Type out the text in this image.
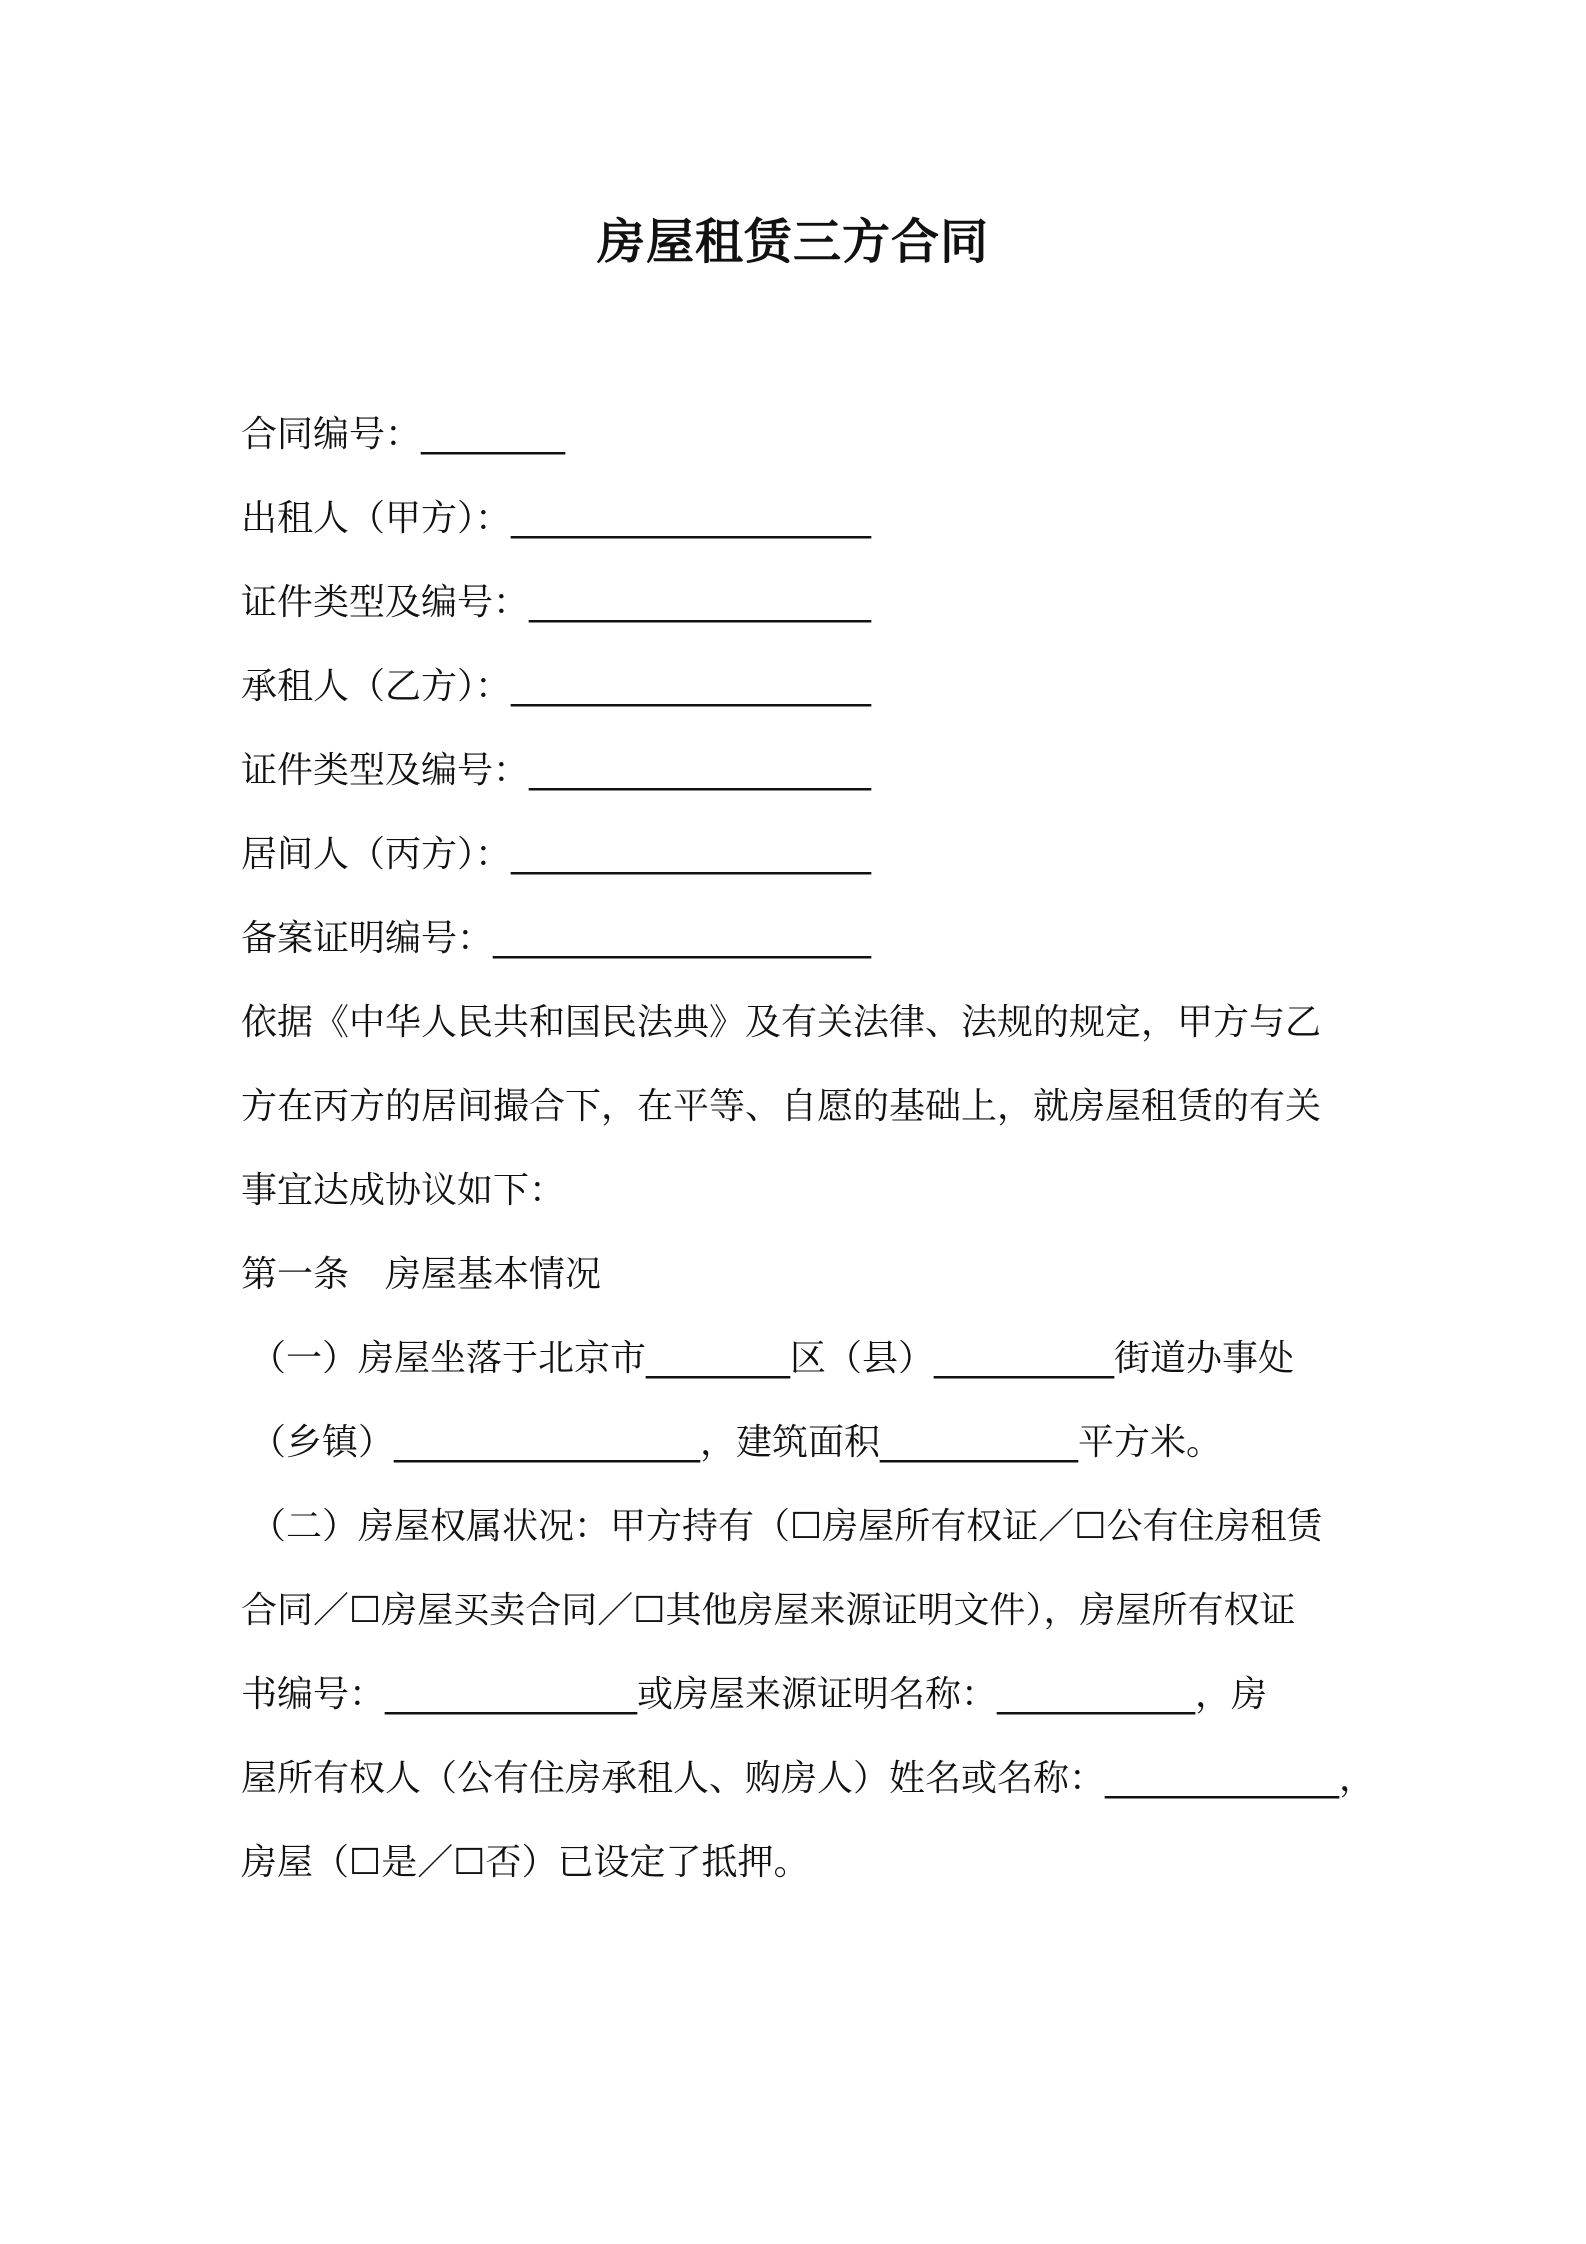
房屋租赁三方合同
合同编号：________
出租人（甲方）：____________________
证件类型及编号：___________________
承租人（乙方）：____________________
证件类型及编号：___________________
居间人（丙方）：____________________
备案证明编号：_____________________
依据《中华人民共和国民法典》及有关法律、法规的规定，甲方与乙
方在丙方的居间撮合下，在平等、自愿的基础上，就房屋租赁的有关
事宜达成协议如下：
第一条　房屋基本情况
（一）房屋坐落于北京市________区（县）__________街道办事处
（乡镇）_________________，建筑面积___________平方米。
（二）房屋权属状况：甲方持有（☐房屋所有权证／☐公有住房租赁
合同／☐房屋买卖合同／☐其他房屋来源证明文件），房屋所有权证
书编号：______________或房屋来源证明名称：___________，房
屋所有权人（公有住房承租人、购房人）姓名或名称：_____________，
房屋（☐是／☐否）已设定了抵押。
